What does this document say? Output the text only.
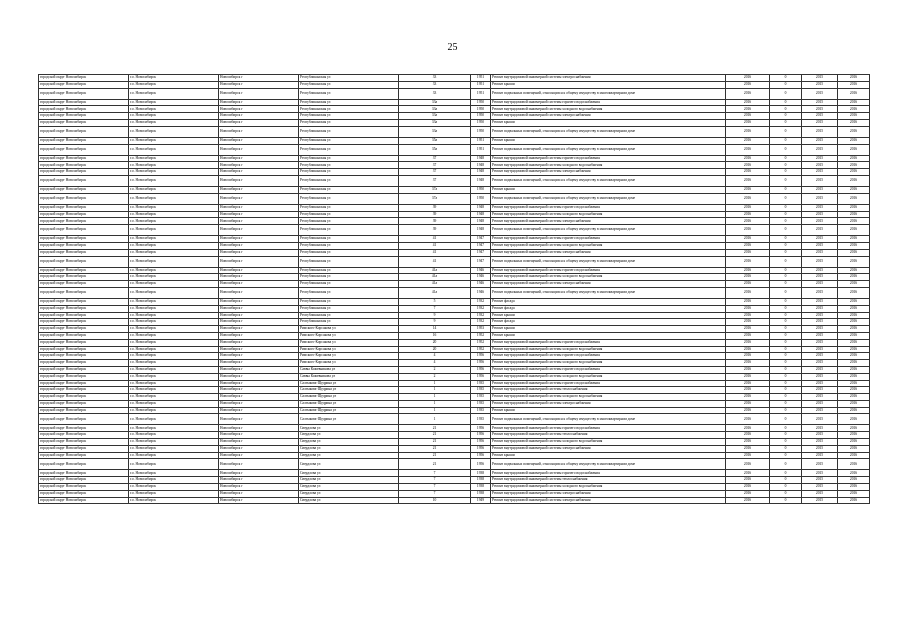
25
городской округ Новосибирск	г.о. Новосибирск	Новосибирск г	Республиканская ул	33	1951	Ремонт внутридомовой инженерной системы электроснабжения	2016	0	2015	2016
городской округ Новосибирск	г.о. Новосибирск	Новосибирск г	Республиканская ул	33	1951	Ремонт крыши	2016	0	2015	2016
городской округ Новосибирск	г.о. Новосибирск	Новосибирск г	Республиканская ул	33	1951	Ремонт подвальных помещений, относящихся к общему имуществу в многоквартирном доме	2016	0	2015	2016
городской округ Новосибирск	г.о. Новосибирск	Новосибирск г	Республиканская ул	33а	1950	Ремонт внутридомовой инженерной системы горячего водоснабжения	2016	0	2015	2016
городской округ Новосибирск	г.о. Новосибирск	Новосибирск г	Республиканская ул	33а	1950	Ремонт внутридомовой инженерной системы холодного водоснабжения	2016	0	2015	2016
городской округ Новосибирск	г.о. Новосибирск	Новосибирск г	Республиканская ул	33а	1950	Ремонт внутридомовой инженерной системы электроснабжения	2016	0	2015	2016
городской округ Новосибирск	г.о. Новосибирск	Новосибирск г	Республиканская ул	33а	1950	Ремонт крыши	2016	0	2015	2016
городской округ Новосибирск	г.о. Новосибирск	Новосибирск г	Республиканская ул	33а	1950	Ремонт подвальных помещений, относящихся к общему имуществу в многоквартирном доме	2016	0	2015	2016
городской округ Новосибирск	г.о. Новосибирск	Новосибирск г	Республиканская ул	35а	1951	Ремонт крыши	2016	0	2015	2016
городской округ Новосибирск	г.о. Новосибирск	Новосибирск г	Республиканская ул	35а	1951	Ремонт подвальных помещений, относящихся к общему имуществу в многоквартирном доме	2016	0	2015	2016
городской округ Новосибирск	г.о. Новосибирск	Новосибирск г	Республиканская ул	37	1948	Ремонт внутридомовой инженерной системы горячего водоснабжения	2016	0	2015	2016
городской округ Новосибирск	г.о. Новосибирск	Новосибирск г	Республиканская ул	37	1948	Ремонт внутридомовой инженерной системы холодного водоснабжения	2016	0	2015	2016
городской округ Новосибирск	г.о. Новосибирск	Новосибирск г	Республиканская ул	37	1948	Ремонт внутридомовой инженерной системы электроснабжения	2016	0	2015	2016
городской округ Новосибирск	г.о. Новосибирск	Новосибирск г	Республиканская ул	37	1948	Ремонт подвальных помещений, относящихся к общему имуществу в многоквартирном доме	2016	0	2015	2016
городской округ Новосибирск	г.о. Новосибирск	Новосибирск г	Республиканская ул	37а	1950	Ремонт крыши	2016	0	2015	2016
городской округ Новосибирск	г.о. Новосибирск	Новосибирск г	Республиканская ул	37а	1950	Ремонт подвальных помещений, относящихся к общему имуществу в многоквартирном доме	2016	0	2015	2016
городской округ Новосибирск	г.о. Новосибирск	Новосибирск г	Республиканская ул	39	1948	Ремонт внутридомовой инженерной системы горячего водоснабжения	2016	0	2015	2016
городской округ Новосибирск	г.о. Новосибирск	Новосибирск г	Республиканская ул	39	1948	Ремонт внутридомовой инженерной системы холодного водоснабжения	2016	0	2015	2016
городской округ Новосибирск	г.о. Новосибирск	Новосибирск г	Республиканская ул	39	1948	Ремонт внутридомовой инженерной системы электроснабжения	2016	0	2015	2016
городской округ Новосибирск	г.о. Новосибирск	Новосибирск г	Республиканская ул	39	1948	Ремонт подвальных помещений, относящихся к общему имуществу в многоквартирном доме	2016	0	2015	2016
городской округ Новосибирск	г.о. Новосибирск	Новосибирск г	Республиканская ул	41	1947	Ремонт внутридомовой инженерной системы горячего водоснабжения	2016	0	2015	2016
городской округ Новосибирск	г.о. Новосибирск	Новосибирск г	Республиканская ул	41	1947	Ремонт внутридомовой инженерной системы холодного водоснабжения	2016	0	2015	2016
городской округ Новосибирск	г.о. Новосибирск	Новосибирск г	Республиканская ул	41	1947	Ремонт внутридомовой инженерной системы электроснабжения	2016	0	2015	2016
городской округ Новосибирск	г.о. Новосибирск	Новосибирск г	Республиканская ул	41	1947	Ремонт подвальных помещений, относящихся к общему имуществу в многоквартирном доме	2016	0	2015	2016
городской округ Новосибирск	г.о. Новосибирск	Новосибирск г	Республиканская ул	41а	1946	Ремонт внутридомовой инженерной системы горячего водоснабжения	2016	0	2015	2016
городской округ Новосибирск	г.о. Новосибирск	Новосибирск г	Республиканская ул	41а	1946	Ремонт внутридомовой инженерной системы холодного водоснабжения	2016	0	2015	2016
городской округ Новосибирск	г.о. Новосибирск	Новосибирск г	Республиканская ул	41а	1946	Ремонт внутридомовой инженерной системы электроснабжения	2016	0	2015	2016
городской округ Новосибирск	г.о. Новосибирск	Новосибирск г	Республиканская ул	41а	1946	Ремонт подвальных помещений, относящихся к общему имуществу в многоквартирном доме	2016	0	2015	2016
городской округ Новосибирск	г.о. Новосибирск	Новосибирск г	Республиканская ул	5	1932	Ремонт фасада	2016	0	2015	2016
городской округ Новосибирск	г.о. Новосибирск	Новосибирск г	Республиканская ул	7	1932	Ремонт фасада	2016	0	2015	2016
городской округ Новосибирск	г.о. Новосибирск	Новосибирск г	Республиканская ул	9	1932	Ремонт крыши	2016	0	2015	2016
городской округ Новосибирск	г.о. Новосибирск	Новосибирск г	Республиканская ул	9	1932	Ремонт фасада	2016	0	2015	2016
городской округ Новосибирск	г.о. Новосибирск	Новосибирск г	Римского-Корсакова ул	14	1953	Ремонт крыши	2016	0	2015	2016
городской округ Новосибирск	г.о. Новосибирск	Новосибирск г	Римского-Корсакова ул	16	1952	Ремонт крыши	2016	0	2015	2016
городской округ Новосибирск	г.о. Новосибирск	Новосибирск г	Римского-Корсакова ул	20	1952	Ремонт внутридомовой инженерной системы горячего водоснабжения	2016	0	2015	2016
городской округ Новосибирск	г.о. Новосибирск	Новосибирск г	Римского-Корсакова ул	20	1952	Ремонт внутридомовой инженерной системы холодного водоснабжения	2016	0	2015	2016
городской округ Новосибирск	г.о. Новосибирск	Новосибирск г	Римского-Корсакова ул	4	1956	Ремонт внутридомовой инженерной системы горячего водоснабжения	2016	0	2015	2016
городской округ Новосибирск	г.о. Новосибирск	Новосибирск г	Римского-Корсакова ул	4	1956	Ремонт внутридомовой инженерной системы холодного водоснабжения	2016	0	2015	2016
городской округ Новосибирск	г.о. Новосибирск	Новосибирск г	Саввы Кожевникова ул	2	1956	Ремонт внутридомовой инженерной системы горячего водоснабжения	2016	0	2015	2016
городской округ Новосибирск	г.о. Новосибирск	Новосибирск г	Саввы Кожевникова ул	2	1956	Ремонт внутридомовой инженерной системы холодного водоснабжения	2016	0	2015	2016
городской округ Новосибирск	г.о. Новосибирск	Новосибирск г	Салтыкова-Щедрина ул	1	1935	Ремонт внутридомовой инженерной системы горячего водоснабжения	2016	0	2015	2016
городской округ Новосибирск	г.о. Новосибирск	Новосибирск г	Салтыкова-Щедрина ул	1	1935	Ремонт внутридомовой инженерной системы теплоснабжения	2016	0	2015	2016
городской округ Новосибирск	г.о. Новосибирск	Новосибирск г	Салтыкова-Щедрина ул	1	1935	Ремонт внутридомовой инженерной системы холодного водоснабжения	2016	0	2015	2016
городской округ Новосибирск	г.о. Новосибирск	Новосибирск г	Салтыкова-Щедрина ул	1	1935	Ремонт внутридомовой инженерной системы электроснабжения	2016	0	2015	2016
городской округ Новосибирск	г.о. Новосибирск	Новосибирск г	Салтыкова-Щедрина ул	1	1935	Ремонт крыши	2016	0	2015	2016
городской округ Новосибирск	г.о. Новосибирск	Новосибирск г	Салтыкова-Щедрина ул	1	1935	Ремонт подвальных помещений, относящихся к общему имуществу в многоквартирном доме	2016	0	2015	2016
городской округ Новосибирск	г.о. Новосибирск	Новосибирск г	Свердлова ул	21	1956	Ремонт внутридомовой инженерной системы горячего водоснабжения	2016	0	2015	2016
городской округ Новосибирск	г.о. Новосибирск	Новосибирск г	Свердлова ул	21	1956	Ремонт внутридомовой инженерной системы теплоснабжения	2016	0	2015	2016
городской округ Новосибирск	г.о. Новосибирск	Новосибирск г	Свердлова ул	21	1956	Ремонт внутридомовой инженерной системы холодного водоснабжения	2016	0	2015	2016
городской округ Новосибирск	г.о. Новосибирск	Новосибирск г	Свердлова ул	21	1956	Ремонт внутридомовой инженерной системы электроснабжения	2016	0	2015	2016
городской округ Новосибирск	г.о. Новосибирск	Новосибирск г	Свердлова ул	21	1956	Ремонт крыши	2016	0	2015	2016
городской округ Новосибирск	г.о. Новосибирск	Новосибирск г	Свердлова ул	21	1956	Ремонт подвальных помещений, относящихся к общему имуществу в многоквартирном доме	2016	0	2015	2016
городской округ Новосибирск	г.о. Новосибирск	Новосибирск г	Свердлова ул	7	1938	Ремонт внутридомовой инженерной системы горячего водоснабжения	2016	0	2015	2016
городской округ Новосибирск	г.о. Новосибирск	Новосибирск г	Свердлова ул	7	1938	Ремонт внутридомовой инженерной системы теплоснабжения	2016	0	2015	2016
городской округ Новосибирск	г.о. Новосибирск	Новосибирск г	Свердлова ул	7	1938	Ремонт внутридомовой инженерной системы холодного водоснабжения	2016	0	2015	2016
городской округ Новосибирск	г.о. Новосибирск	Новосибирск г	Свердлова ул	7	1938	Ремонт внутридомовой инженерной системы электроснабжения	2016	0	2015	2016
городской округ Новосибирск	г.о. Новосибирск	Новосибирск г	Свердлова ул	10	1949	Ремонт внутридомовой инженерной системы электроснабжения	2016	0	2015	2016
